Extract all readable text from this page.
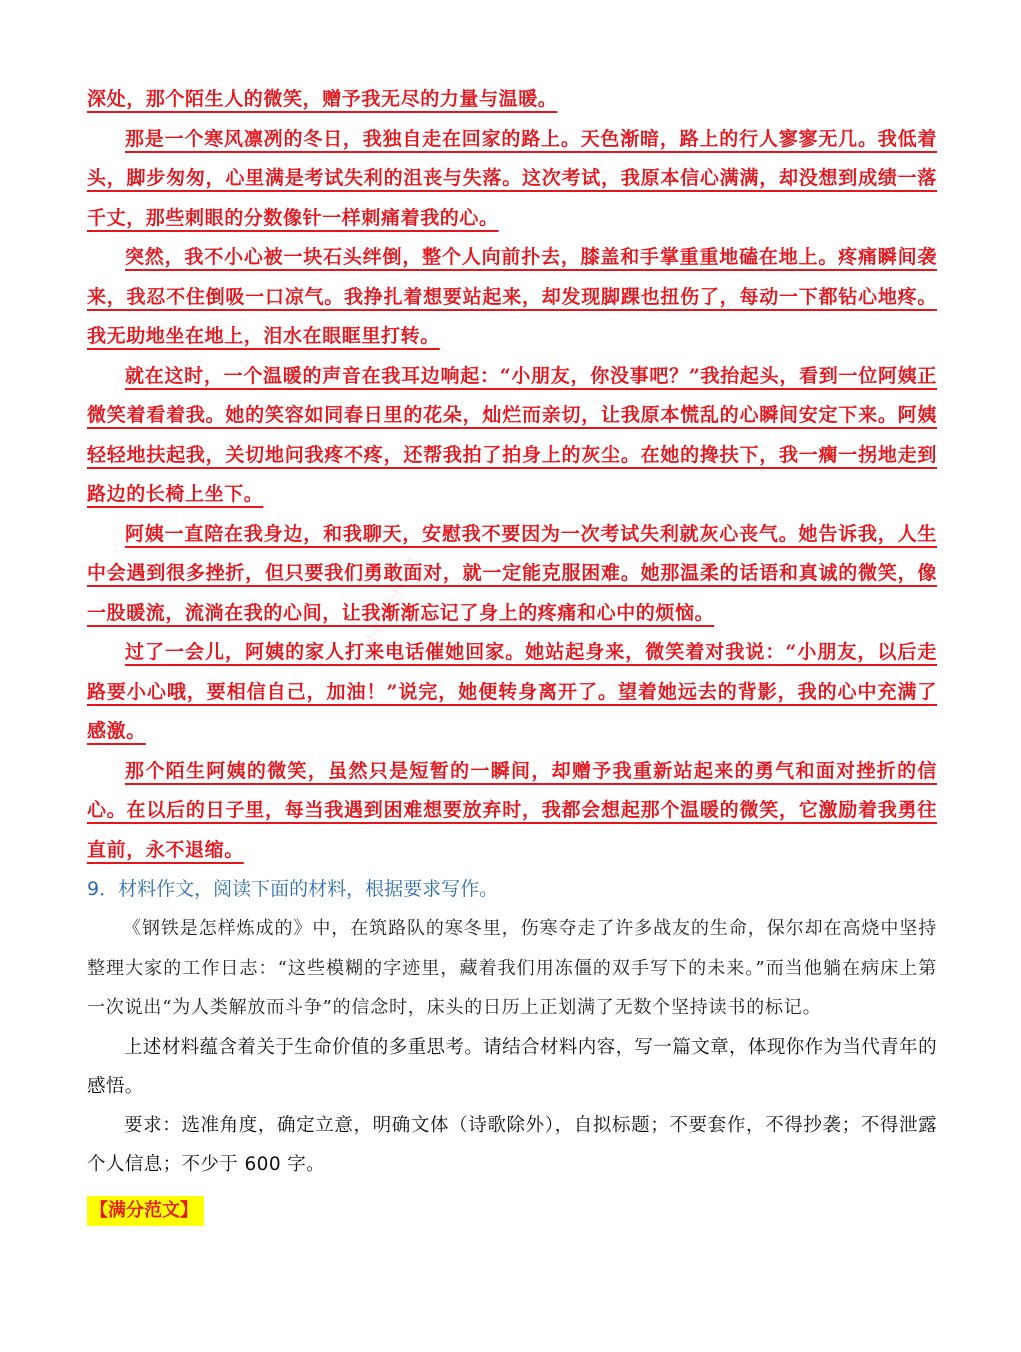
深处，那个陌生人的微笑，赠予我无尽的力量与温暖。

那是一个寒风凛冽的冬日，我独自走在回家的路上。天色渐暗，路上的行人寥寥无几。我低着头，脚步匆匆，心里满是考试失利的沮丧与失落。这次考试，我原本信心满满，却没想到成绩一落千丈，那些刺眼的分数像针一样刺痛着我的心。

突然，我不小心被一块石头绊倒，整个人向前扑去，膝盖和手掌重重地磕在地上。疼痛瞬间袭来，我忍不住倒吸一口凉气。我挣扎着想要站起来，却发现脚踝也扭伤了，每动一下都钻心地疼。我无助地坐在地上，泪水在眼眶里打转。

就在这时，一个温暖的声音在我耳边响起：“小朋友，你没事吧？”我抬起头，看到一位阿姨正微笑着看着我。她的笑容如同春日里的花朵，灿烂而亲切，让我原本慌乱的心瞬间安定下来。阿姨轻轻地扶起我，关切地问我疼不疼，还帮我拍了拍身上的灰尘。在她的搀扶下，我一瘸一拐地走到路边的长椅上坐下。

阿姨一直陪在我身边，和我聊天，安慰我不要因为一次考试失利就灰心丧气。她告诉我，人生中会遇到很多挫折，但只要我们勇敢面对，就一定能克服困难。她那温柔的话语和真诚的微笑，像一股暖流，流淌在我的心间，让我渐渐忘记了身上的疼痛和心中的烦恼。

过了一会儿，阿姨的家人打来电话催她回家。她站起身来，微笑着对我说：“小朋友，以后走路要小心哦，要相信自己，加油！”说完，她便转身离开了。望着她远去的背影，我的心中充满了感激。

那个陌生阿姨的微笑，虽然只是短暂的一瞬间，却赠予我重新站起来的勇气和面对挫折的信心。在以后的日子里，每当我遇到困难想要放弃时，我都会想起那个温暖的微笑，它激励着我勇往直前，永不退缩。

9．材料作文，阅读下面的材料，根据要求写作。

《钢铁是怎样炼成的》中，在筑路队的寒冬里，伤寒夺走了许多战友的生命，保尔却在高烧中坚持整理大家的工作日志：“这些模糊的字迹里，藏着我们用冻僵的双手写下的未来。”而当他躺在病床上第一次说出“为人类解放而斗争”的信念时，床头的日历上正划满了无数个坚持读书的标记。

上述材料蕴含着关于生命价值的多重思考。请结合材料内容，写一篇文章，体现你作为当代青年的感悟。

要求：选准角度，确定立意，明确文体（诗歌除外），自拟标题；不要套作，不得抄袭；不得泄露个人信息；不少于 600 字。

【满分范文】
小初高全科资料
